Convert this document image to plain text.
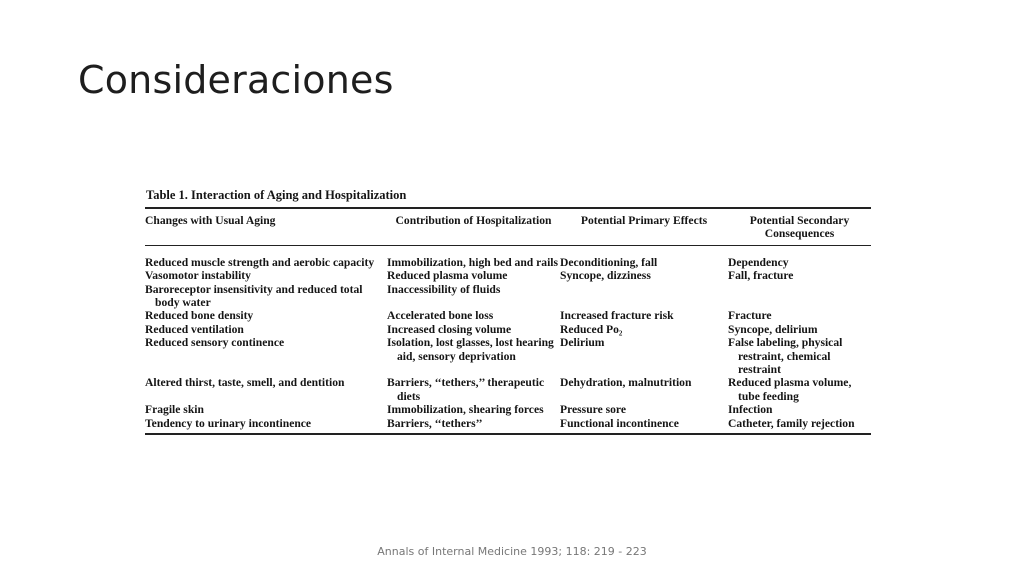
Consideraciones
Table 1. Interaction of Aging and Hospitalization
Changes with Usual Aging	Contribution of Hospitalization	Potential Primary Effects	Potential Secondary Consequences

Reduced muscle strength and aerobic capacity	Immobilization, high bed and rails	Deconditioning, fall	Dependency

Vasomotor instability	Reduced plasma volume	Syncope, dizziness	Fall, fracture

Baroreceptor insensitivity and reduced total body water	Inaccessibility of fluids		

Reduced bone density	Accelerated bone loss	Increased fracture risk	Fracture

Reduced ventilation	Increased closing volume	Reduced Po₂	Syncope, delirium

Reduced sensory continence	Isolation, lost glasses, lost hearing aid, sensory deprivation	Delirium	False labeling, physical restraint, chemical restraint

Altered thirst, taste, smell, and dentition	Barriers, ‘‘tethers,’’ therapeutic diets	Dehydration, malnutrition	Reduced plasma volume, tube feeding

Fragile skin	Immobilization, shearing forces	Pressure sore	Infection

Tendency to urinary incontinence	Barriers, ‘‘tethers’’	Functional incontinence	Catheter, family rejection
Annals of Internal Medicine 1993; 118: 219 - 223
